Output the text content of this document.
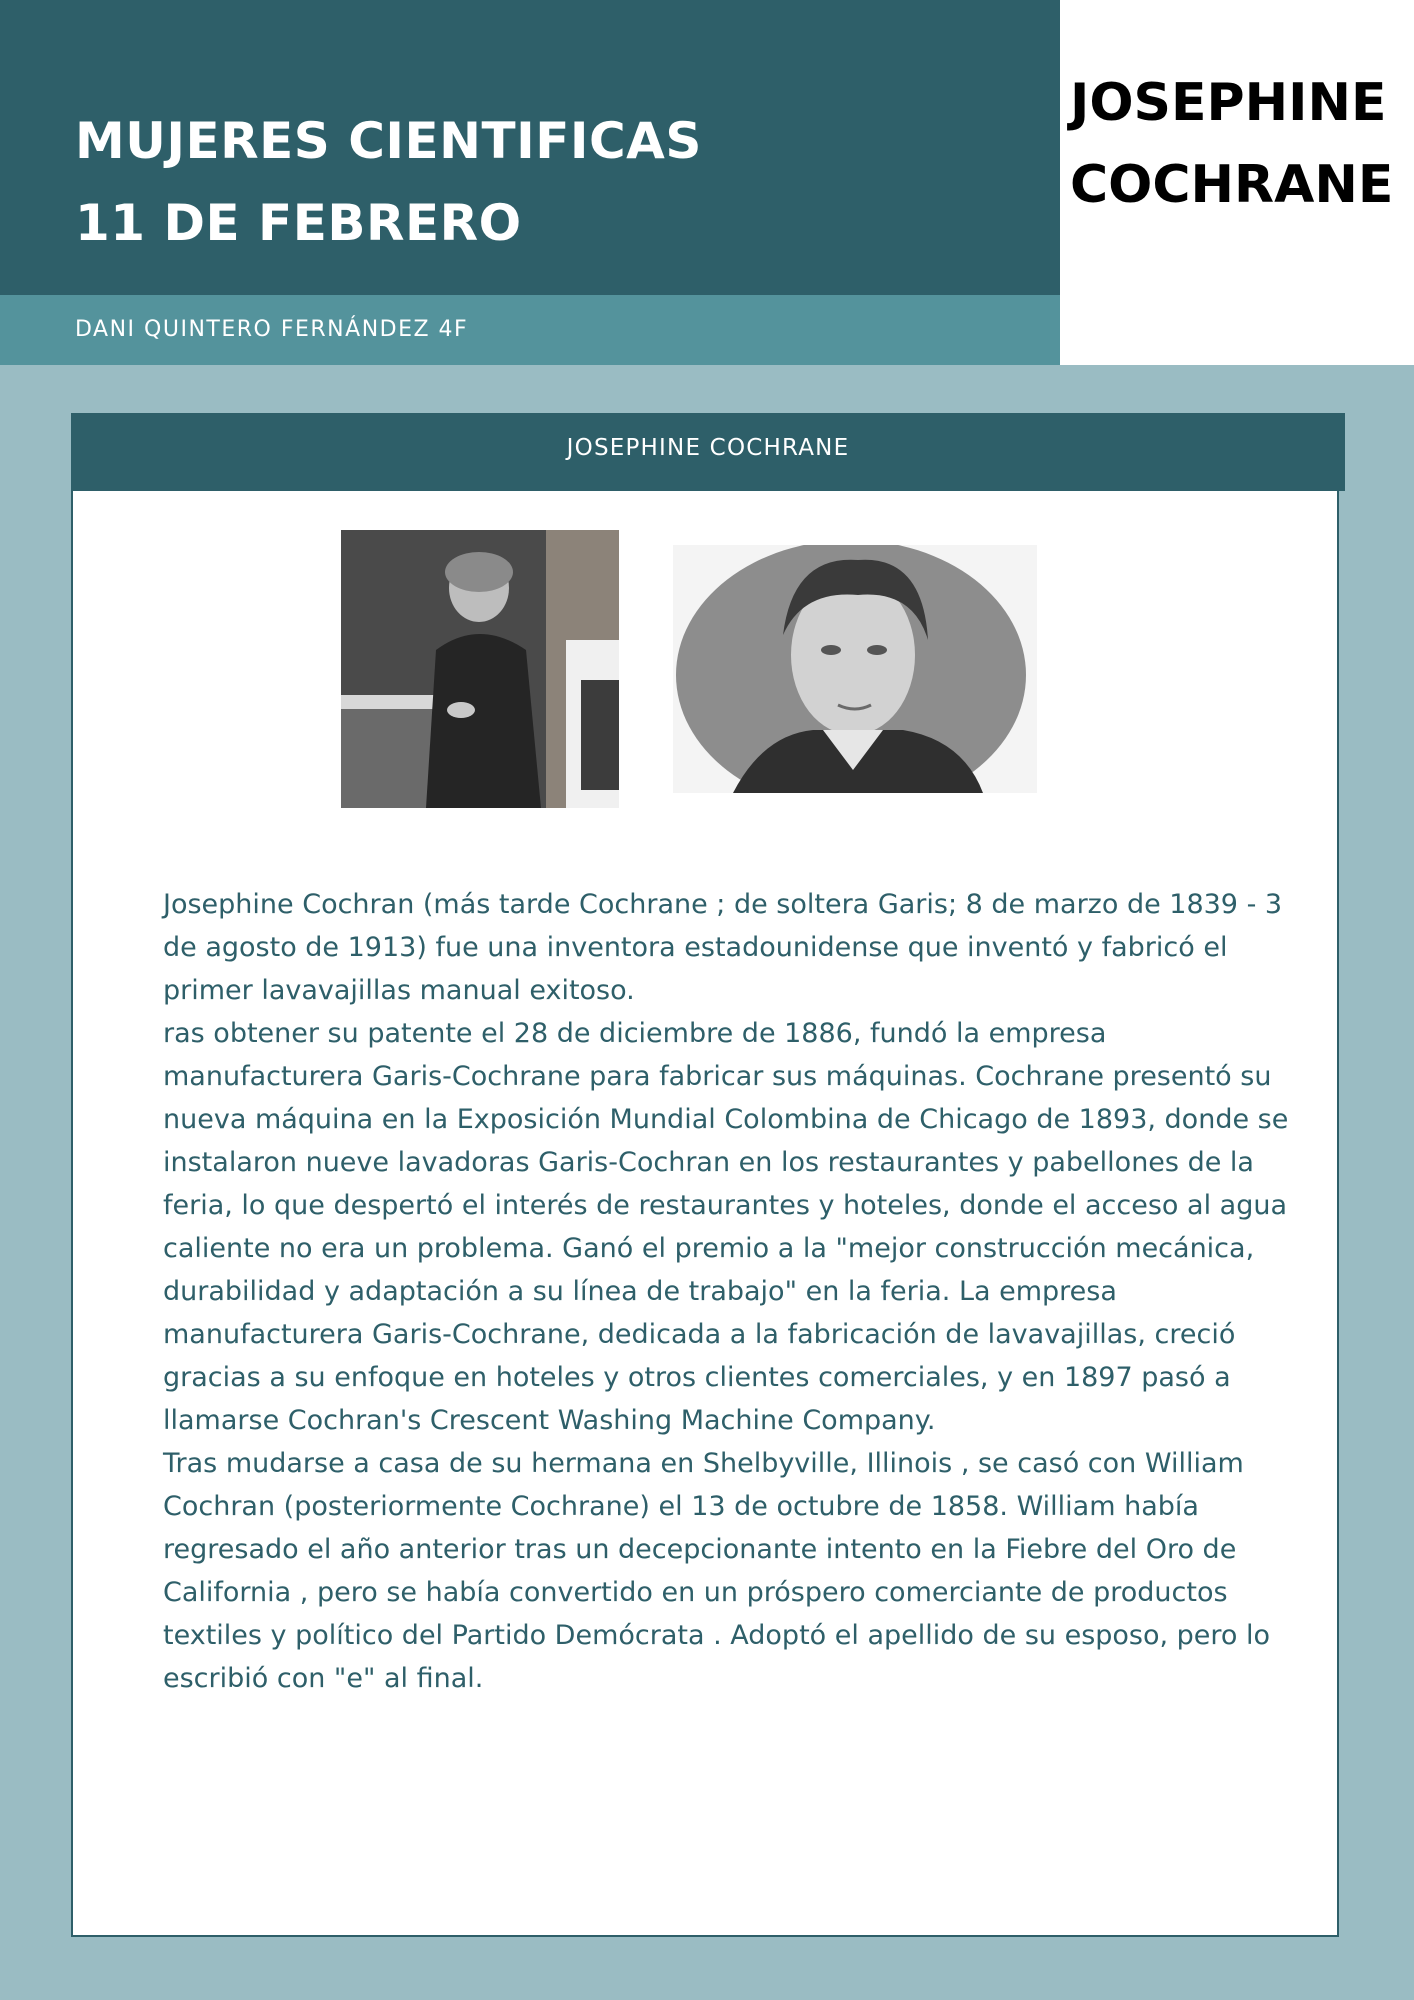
MUJERES CIENTIFICAS
11 DE FEBRERO
DANI QUINTERO FERNÁNDEZ 4F
JOSEPHINE
COCHRANE
JOSEPHINE COCHRANE

Josephine Cochran (más tarde Cochrane ; de soltera Garis; 8 de marzo de 1839 - 3 de agosto de 1913) fue una inventora estadounidense que inventó y fabricó el primer lavavajillas manual exitoso.

ras obtener su patente el 28 de diciembre de 1886, fundó la empresa manufacturera Garis-Cochrane para fabricar sus máquinas. Cochrane presentó su nueva máquina en la Exposición Mundial Colombina de Chicago de 1893, donde se instalaron nueve lavadoras Garis-Cochran en los restaurantes y pabellones de la feria, lo que despertó el interés de restaurantes y hoteles, donde el acceso al agua caliente no era un problema. Ganó el premio a la "mejor construcción mecánica, durabilidad y adaptación a su línea de trabajo" en la feria. La empresa manufacturera Garis-Cochrane, dedicada a la fabricación de lavavajillas, creció gracias a su enfoque en hoteles y otros clientes comerciales, y en 1897 pasó a llamarse Cochran's Crescent Washing Machine Company.

Tras mudarse a casa de su hermana en Shelbyville, Illinois , se casó con William Cochran (posteriormente Cochrane) el 13 de octubre de 1858. William había regresado el año anterior tras un decepcionante intento en la Fiebre del Oro de California , pero se había convertido en un próspero comerciante de productos textiles y político del Partido Demócrata . Adoptó el apellido de su esposo, pero lo escribió con "e" al final.
